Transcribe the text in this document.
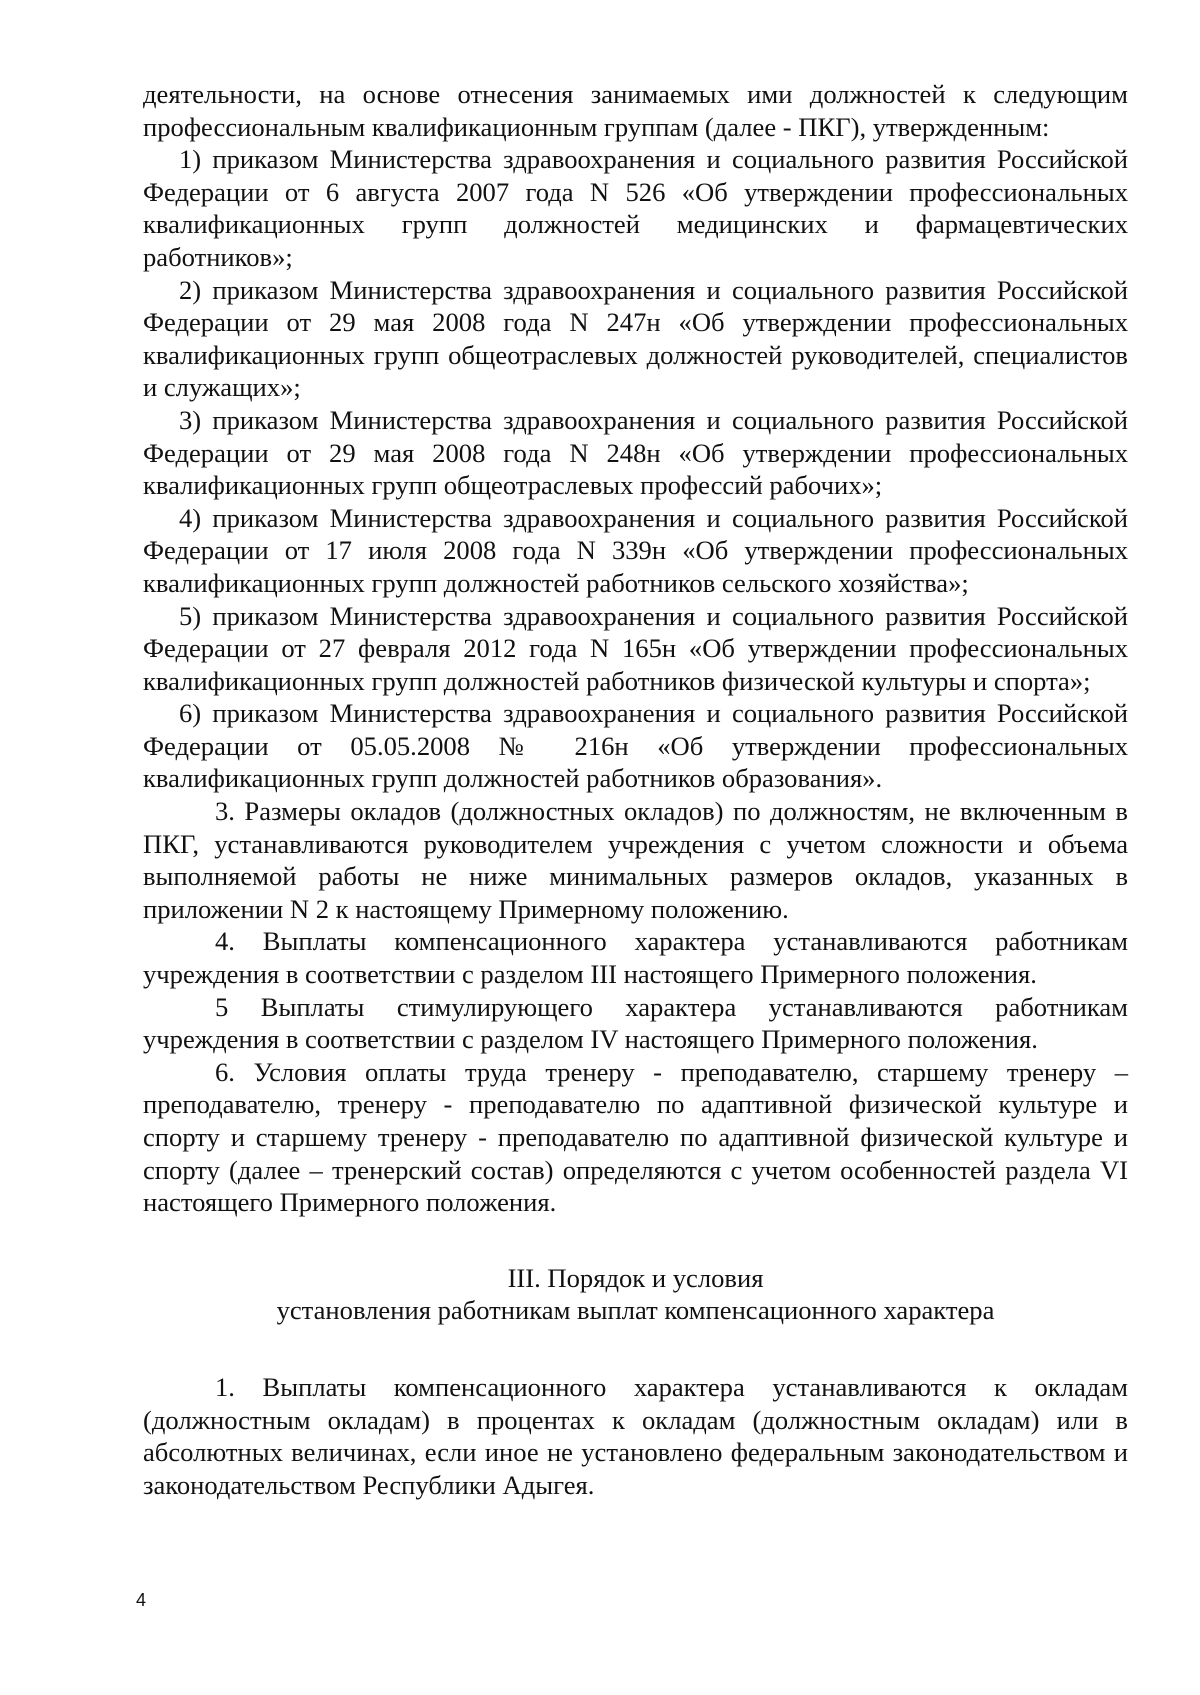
деятельности, на основе отнесения занимаемых ими должностей к следующим профессиональным квалификационным группам (далее - ПКГ), утвержденным:

1) приказом Министерства здравоохранения и социального развития Российской Федерации от 6 августа 2007 года N 526 «Об утверждении профессиональных квалификационных групп должностей медицинских и фармацевтических работников»;

2) приказом Министерства здравоохранения и социального развития Российской Федерации от 29 мая 2008 года N 247н «Об утверждении профессиональных квалификационных групп общеотраслевых должностей руководителей, специалистов и служащих»;

3) приказом Министерства здравоохранения и социального развития Российской Федерации от 29 мая 2008 года N 248н «Об утверждении профессиональных квалификационных групп общеотраслевых профессий рабочих»;

4) приказом Министерства здравоохранения и социального развития Российской Федерации от 17 июля 2008 года N 339н «Об утверждении профессиональных квалификационных групп должностей работников сельского хозяйства»;

5) приказом Министерства здравоохранения и социального развития Российской Федерации от 27 февраля 2012 года N 165н «Об утверждении профессиональных квалификационных групп должностей работников физической культуры и спорта»;

6) приказом Министерства здравоохранения и социального развития Российской Федерации от 05.05.2008 № 216н «Об утверждении профессиональных квалификационных групп должностей работников образования».

3. Размеры окладов (должностных окладов) по должностям, не включенным в ПКГ, устанавливаются руководителем учреждения с учетом сложности и объема выполняемой работы не ниже минимальных размеров окладов, указанных в приложении N 2 к настоящему Примерному положению.

4. Выплаты компенсационного характера устанавливаются работникам учреждения в соответствии с разделом III настоящего Примерного положения.

5 Выплаты стимулирующего характера устанавливаются работникам учреждения в соответствии с разделом IV настоящего Примерного положения.

6. Условия оплаты труда тренеру - преподавателю, старшему тренеру – преподавателю, тренеру - преподавателю по адаптивной физической культуре и спорту и старшему тренеру - преподавателю по адаптивной физической культуре и спорту (далее – тренерский состав) определяются с учетом особенностей раздела VI настоящего Примерного положения.

III. Порядок и условия

установления работникам выплат компенсационного характера

1. Выплаты компенсационного характера устанавливаются к окладам (должностным окладам) в процентах к окладам (должностным окладам) или в абсолютных величинах, если иное не установлено федеральным законодательством и законодательством Республики Адыгея.

4
